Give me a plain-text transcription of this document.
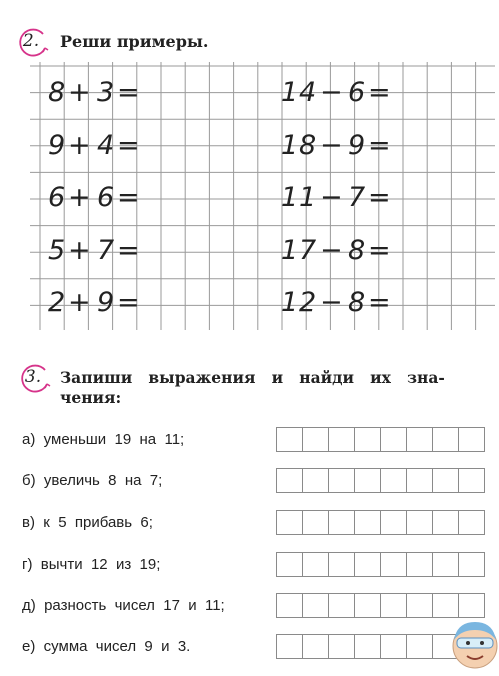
2.	Реши примеры.
8 + 3 =
9 + 4 =
6 + 6 =
5 + 7 =
2 + 9 =
1 4 − 6 =
1 8 − 9 =
1 1 − 7 =
1 7 − 8 =
1 2 − 8 =
3.	Запиши   выражения   и   найди   их   зна-
чения:
а)  уменьши  19  на  11;
б)  увеличь  8  на  7;
в)  к  5  прибавь  6;
г)  вычти  12  из  19;
д)  разность  чисел  17  и  11;
е)  сумма  чисел  9  и  3.
